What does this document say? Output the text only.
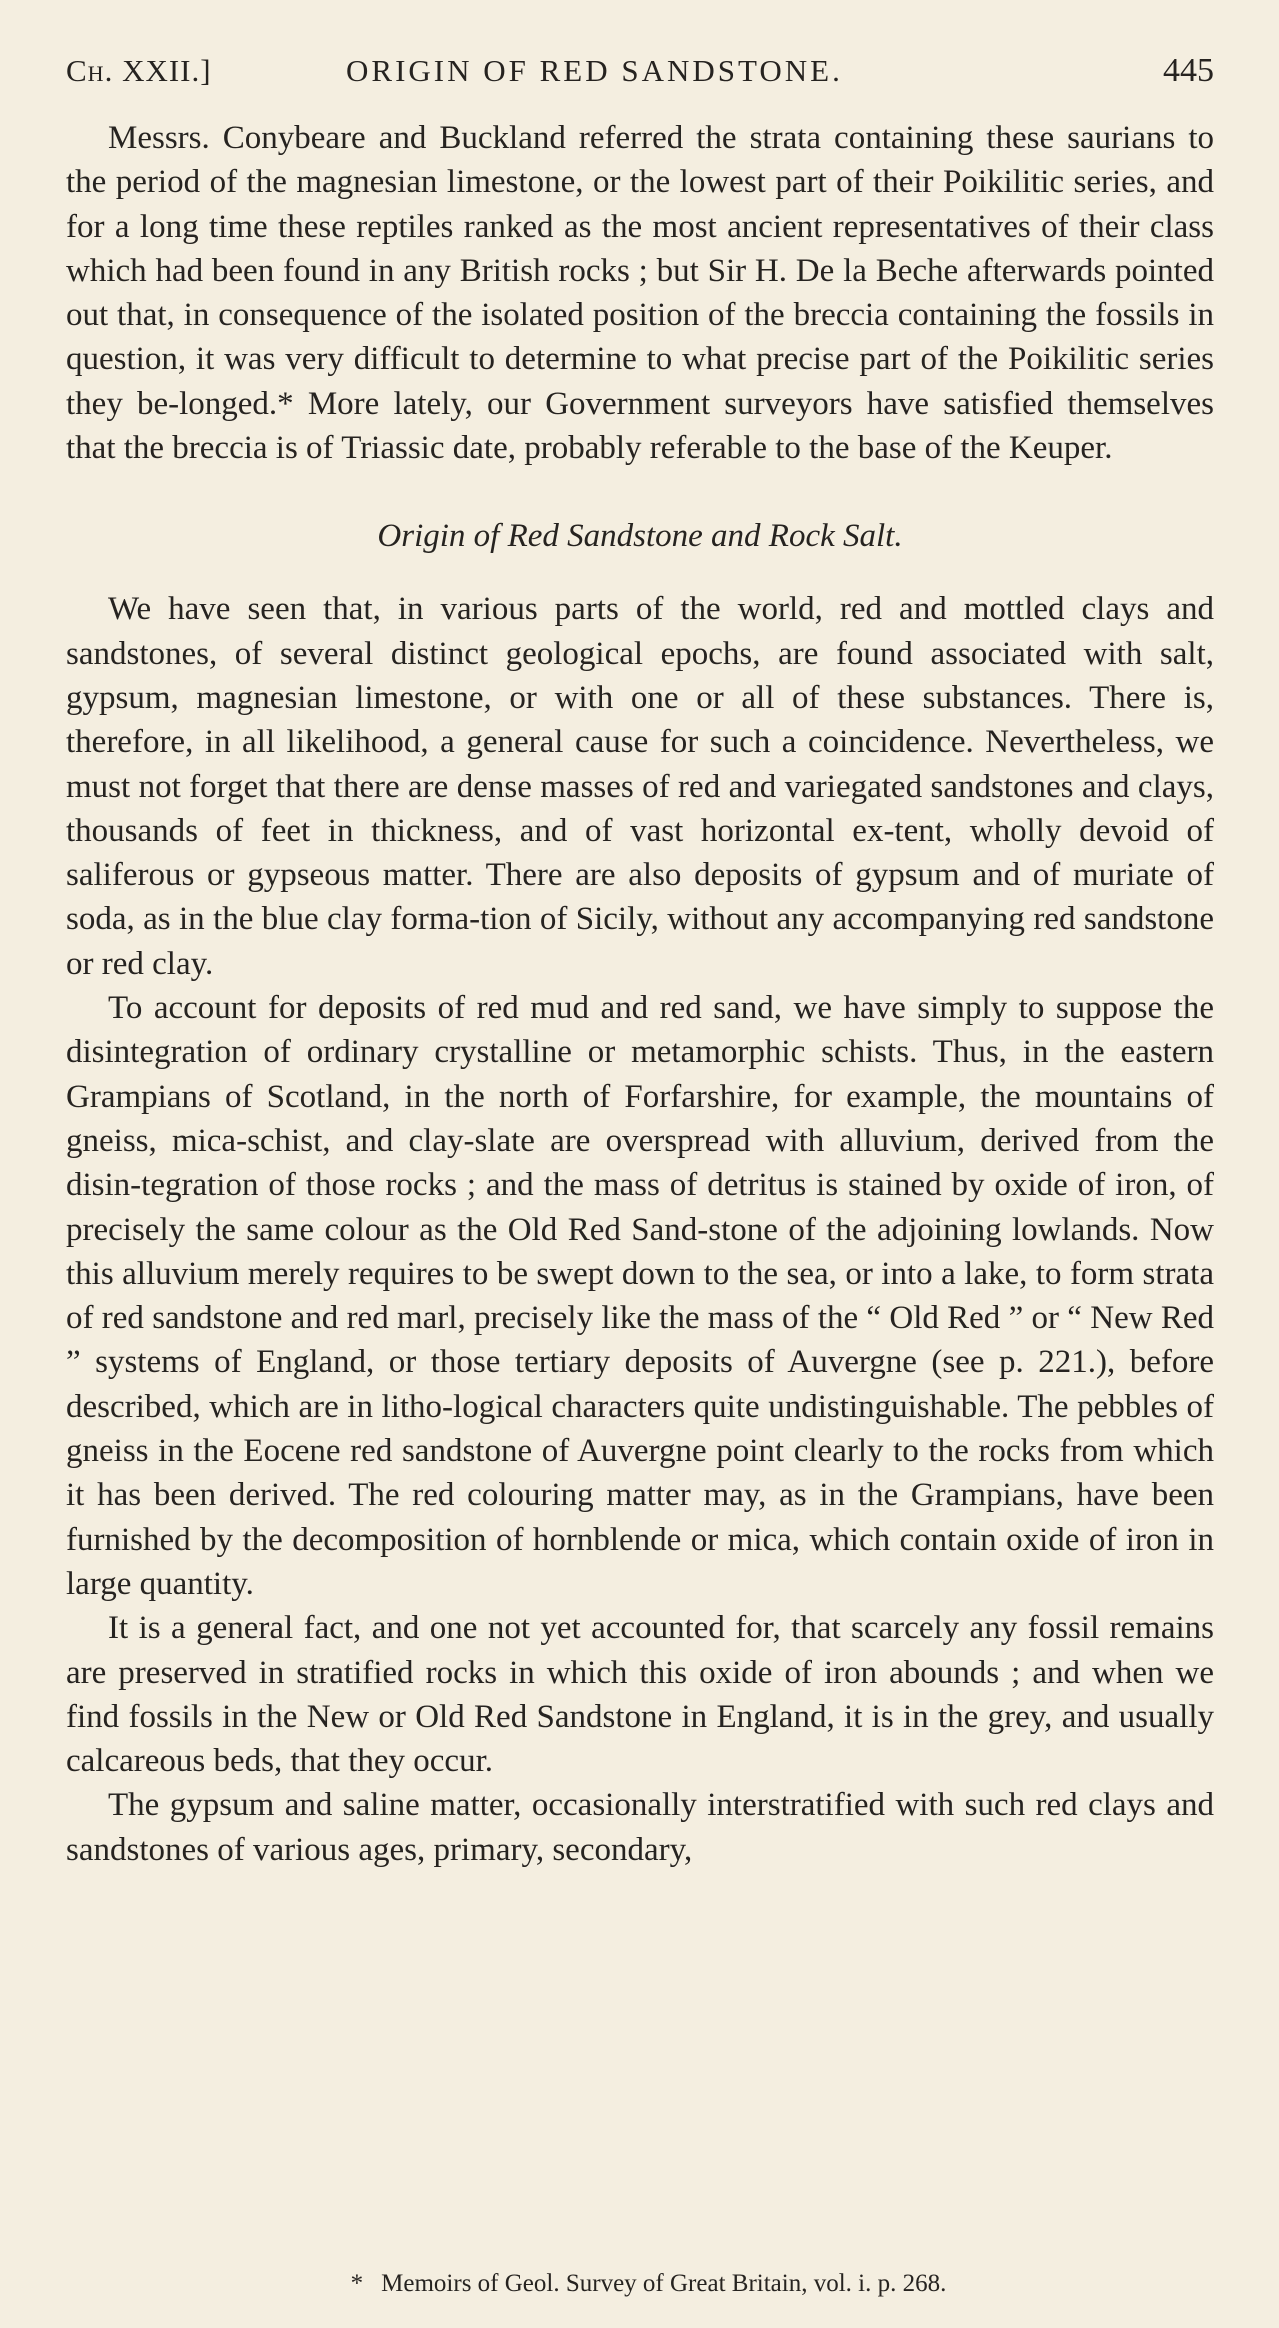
Ch. XXII.]	ORIGIN OF RED SANDSTONE.	445

Messrs. Conybeare and Buckland referred the strata containing these saurians to the period of the magnesian limestone, or the lowest part of their Poikilitic series, and for a long time these reptiles ranked as the most ancient representatives of their class which had been found in any British rocks ; but Sir H. De la Beche afterwards pointed out that, in consequence of the isolated position of the breccia containing the fossils in question, it was very difficult to determine to what precise part of the Poikilitic series they be-longed.* More lately, our Government surveyors have satisfied themselves that the breccia is of Triassic date, probably referable to the base of the Keuper.

Origin of Red Sandstone and Rock Salt.

We have seen that, in various parts of the world, red and mottled clays and sandstones, of several distinct geological epochs, are found associated with salt, gypsum, magnesian limestone, or with one or all of these substances. There is, therefore, in all likelihood, a general cause for such a coincidence. Nevertheless, we must not forget that there are dense masses of red and variegated sandstones and clays, thousands of feet in thickness, and of vast horizontal ex-tent, wholly devoid of saliferous or gypseous matter. There are also deposits of gypsum and of muriate of soda, as in the blue clay forma-tion of Sicily, without any accompanying red sandstone or red clay.

To account for deposits of red mud and red sand, we have simply to suppose the disintegration of ordinary crystalline or metamorphic schists. Thus, in the eastern Grampians of Scotland, in the north of Forfarshire, for example, the mountains of gneiss, mica-schist, and clay-slate are overspread with alluvium, derived from the disin-tegration of those rocks ; and the mass of detritus is stained by oxide of iron, of precisely the same colour as the Old Red Sand-stone of the adjoining lowlands. Now this alluvium merely requires to be swept down to the sea, or into a lake, to form strata of red sandstone and red marl, precisely like the mass of the “ Old Red ” or “ New Red ” systems of England, or those tertiary deposits of Auvergne (see p. 221.), before described, which are in litho-logical characters quite undistinguishable. The pebbles of gneiss in the Eocene red sandstone of Auvergne point clearly to the rocks from which it has been derived. The red colouring matter may, as in the Grampians, have been furnished by the decomposition of hornblende or mica, which contain oxide of iron in large quantity.

It is a general fact, and one not yet accounted for, that scarcely any fossil remains are preserved in stratified rocks in which this oxide of iron abounds ; and when we find fossils in the New or Old Red Sandstone in England, it is in the grey, and usually calcareous beds, that they occur.

The gypsum and saline matter, occasionally interstratified with such red clays and sandstones of various ages, primary, secondary,

* Memoirs of Geol. Survey of Great Britain, vol. i. p. 268.
